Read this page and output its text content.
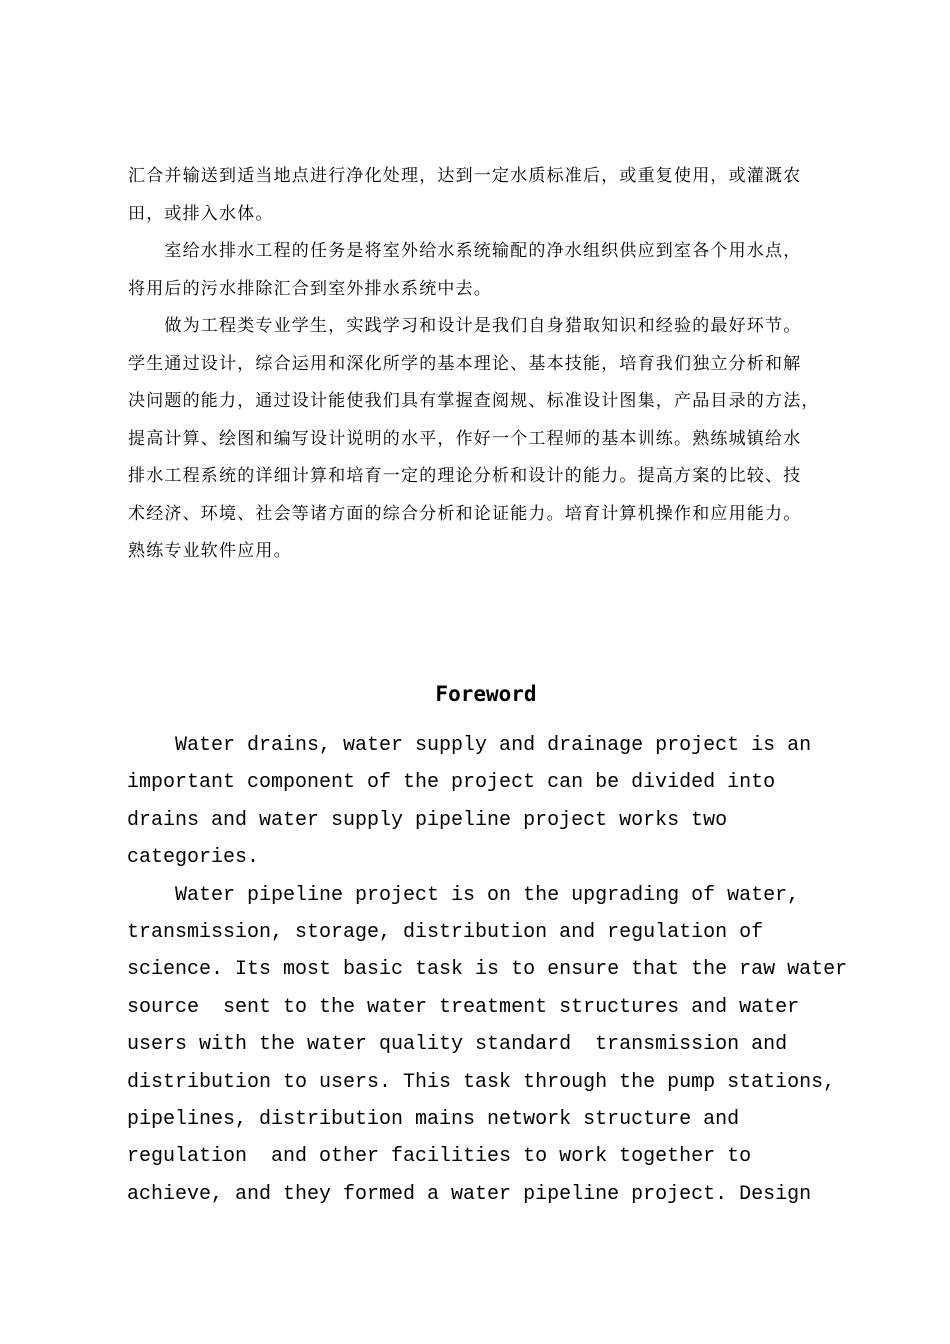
汇合并输送到适当地点进行净化处理，达到一定水质标准后，或重复使用，或灌溉农
田，或排入水体。
　　室给水排水工程的任务是将室外给水系统输配的净水组织供应到室各个用水点，
将用后的污水排除汇合到室外排水系统中去。
　　做为工程类专业学生，实践学习和设计是我们自身猎取知识和经验的最好环节。
学生通过设计，综合运用和深化所学的基本理论、基本技能，培育我们独立分析和解
决问题的能力，通过设计能使我们具有掌握查阅规、标准设计图集，产品目录的方法，
提高计算、绘图和编写设计说明的水平，作好一个工程师的基本训练。熟练城镇给水
排水工程系统的详细计算和培育一定的理论分析和设计的能力。提高方案的比较、技
术经济、环境、社会等诸方面的综合分析和论证能力。培育计算机操作和应用能力。
熟练专业软件应用。
Foreword
Water drains, water supply and drainage project is an
important component of the project can be divided into
drains and water supply pipeline project works two
categories.
Water pipeline project is on the upgrading of water,
transmission, storage, distribution and regulation of
science. Its most basic task is to ensure that the raw water
source  sent to the water treatment structures and water
users with the water quality standard  transmission and
distribution to users. This task through the pump stations,
pipelines, distribution mains network structure and
regulation  and other facilities to work together to
achieve, and they formed a water pipeline project. Design
